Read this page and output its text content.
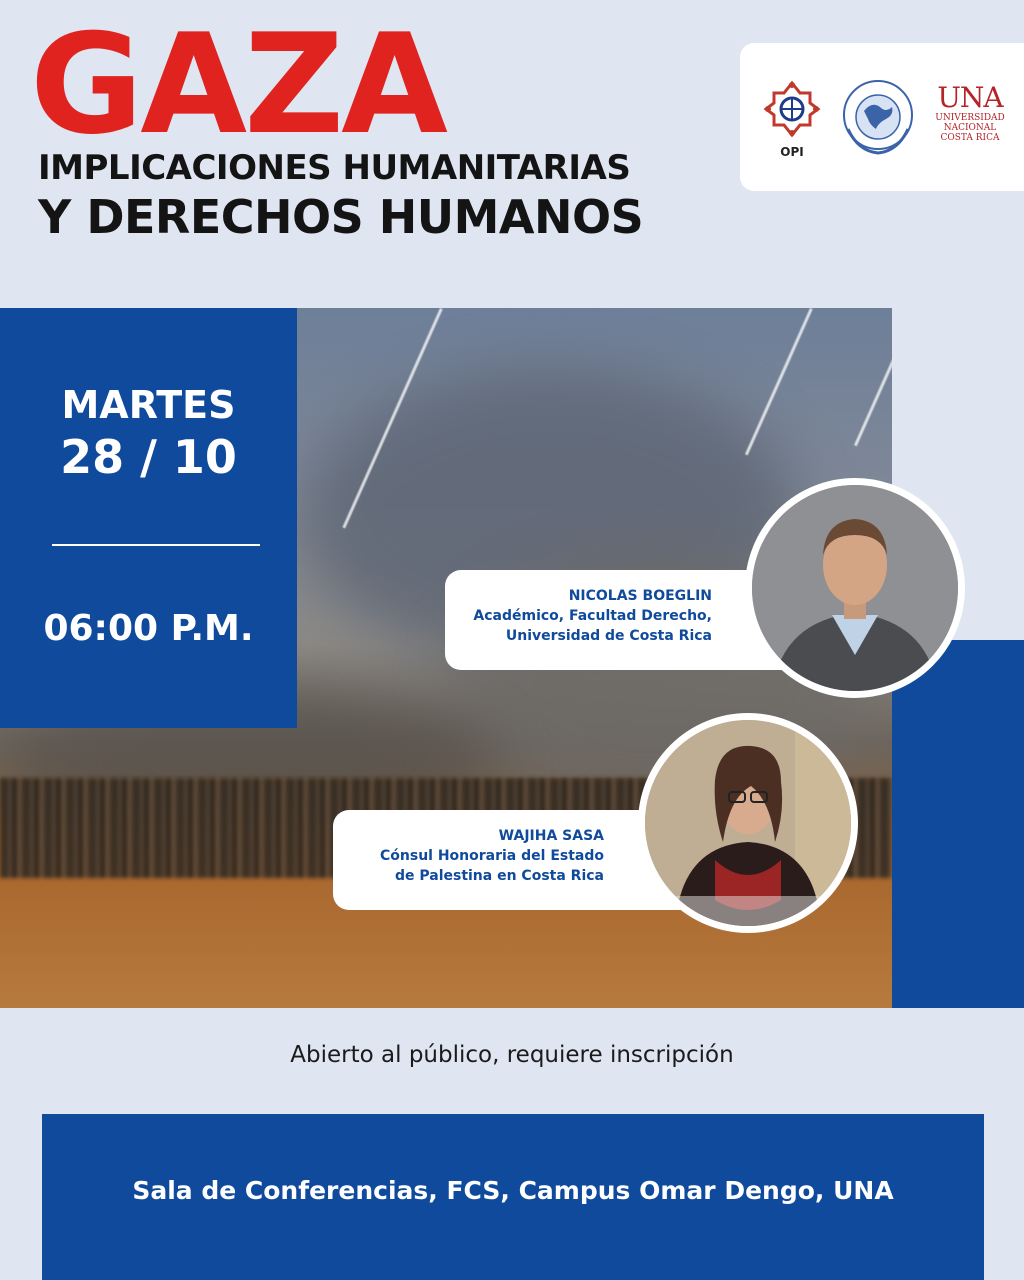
GAZA
IMPLICACIONES HUMANITARIAS
Y DERECHOS HUMANOS
OPI
UNA
UNIVERSIDAD
NACIONAL
COSTA RICA

MARTES

28 / 10

06:00 P.M.

NICOLAS BOEGLIN
Académico, Facultad Derecho,
Universidad de Costa Rica
WAJIHA SASA
Cónsul Honoraria del Estado
de Palestina en Costa Rica

Abierto al público, requiere inscripción

Sala de Conferencias, FCS, Campus Omar Dengo, UNA
